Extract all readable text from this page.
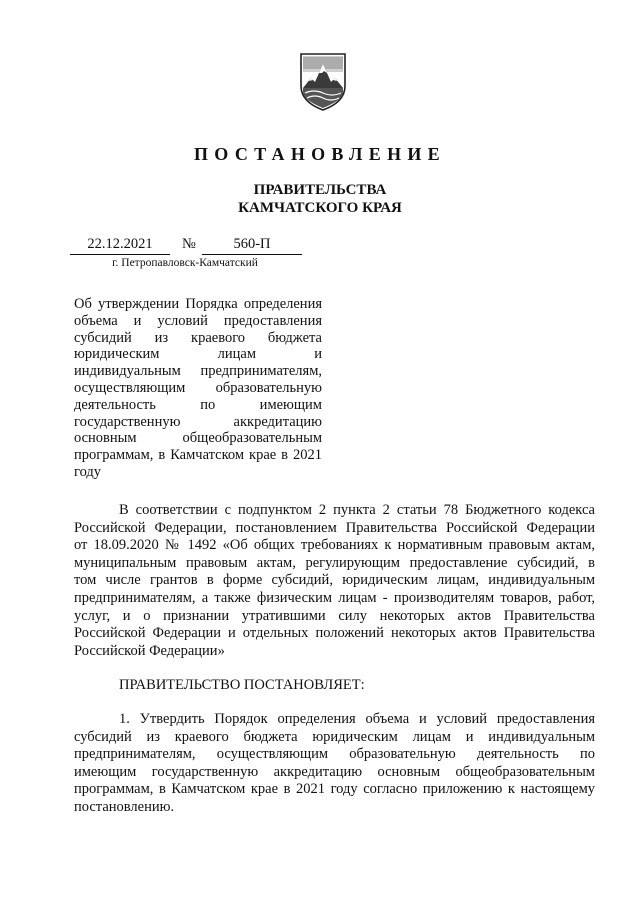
ПОСТАНОВЛЕНИЕ
ПРАВИТЕЛЬСТВА
КАМЧАТСКОГО КРАЯ
22.12.2021	№	560-П
г. Петропавловск-Камчатский
Об утверждении Порядка определения
объема и условий предоставления
субсидий из краевого бюджета
юридическим лицам и
индивидуальным предпринимателям,
осуществляющим образовательную
деятельность по имеющим
государственную аккредитацию
основным общеобразовательным
программам, в Камчатском крае в 2021
году
В соответствии с подпунктом 2 пункта 2 статьи 78 Бюджетного кодекса
Российской Федерации, постановлением Правительства Российской Федерации
от 18.09.2020 № 1492 «Об общих требованиях к нормативным правовым актам,
муниципальным правовым актам, регулирующим предоставление субсидий, в
том числе грантов в форме субсидий, юридическим лицам, индивидуальным
предпринимателям, а также физическим лицам - производителям товаров, работ,
услуг, и о признании утратившими силу некоторых актов Правительства
Российской Федерации и отдельных положений некоторых актов Правительства
Российской Федерации»
ПРАВИТЕЛЬСТВО ПОСТАНОВЛЯЕТ:
1. Утвердить Порядок определения объема и условий предоставления
субсидий из краевого бюджета юридическим лицам и индивидуальным
предпринимателям, осуществляющим образовательную деятельность по
имеющим государственную аккредитацию основным общеобразовательным
программам, в Камчатском крае в 2021 году согласно приложению к настоящему
постановлению.
